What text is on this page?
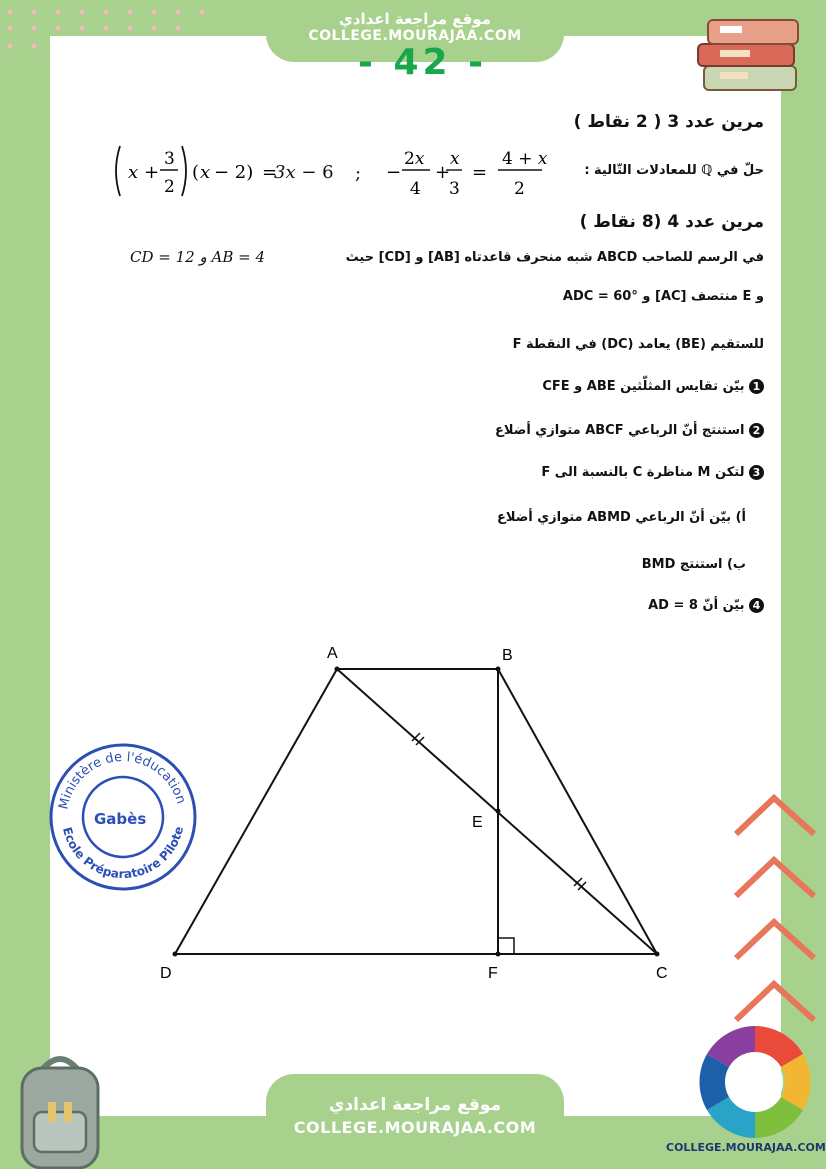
موقع مراجعة اعدادي
COLLEGE.MOURAJAA.COM
- 42 -
مرين عدد 3 ( 2 نقاط )
حلّ في ℚ للمعادلات التّالية :
x +
3
2
( x − 2) =
3x − 6 ; −
2x
4
+
x
3
=
4 + x
2
مرين عدد 4 (8 نقاط )
في الرسم للصاحب ABCD شبه منحرف قاعدتاه [AB] و [CD] حيث
CD = 12 و AB = 4
و E منتصف [AC] و ADC = 60°
للستقيم (BE) يعامد (DC) في النقطة F
1 بيّن تقايس المثلّثين ABE و CFE
2 استنتج أنّ الرباعي ABCF متوازي أضلاع
3 لتكن M مناظرة C بالنسبة الى F
أ) بيّن أنّ الرباعي ABMD متوازي أضلاع
ب) استنتج BMD
4 بيّن أنّ AD = 8
A	B
D	F	C
E
Ministère de l'éducation
Ecole Préparatoire Pilote
Gabès
موقع مراجعة اعدادي
COLLEGE.MOURAJAA.COM
COLLEGE.MOURAJAA.COM
